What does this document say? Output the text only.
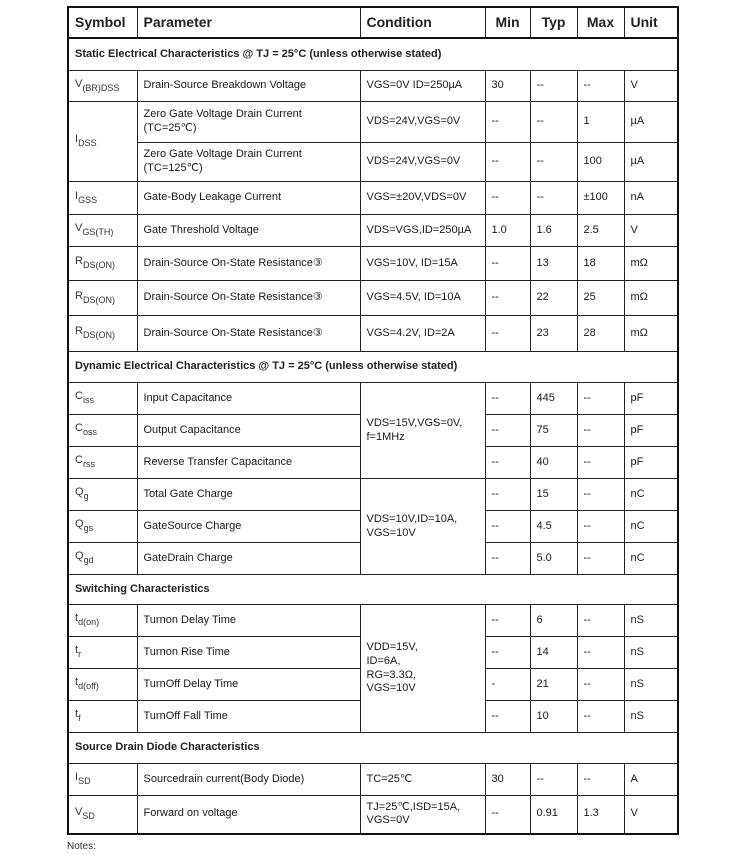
Symbol	Parameter	Condition	Min	Typ	Max	Unit
Static Electrical Characteristics @ TJ = 25°C (unless otherwise stated)						
$V_{(BR)DSS}$	Drain-Source Breakdown Voltage	VGS=0V ID=250µA	30	--	--	V
$I_{DSS}$	Zero Gate Voltage Drain Current
(TC=25℃)	VDS=24V,VGS=0V	--	--	1	µA

	Zero Gate Voltage Drain Current
(TC=125℃)	VDS=24V,VGS=0V	--	--	100	µA
$I_{GSS}$	Gate-Body Leakage Current	VGS=±20V,VDS=0V	--	--	±100	nA
$V_{GS(TH)}$	Gate Threshold Voltage	VDS=VGS,ID=250µA	1.0	1.6	2.5	V
$R_{DS(ON)}$	Drain-Source On-State Resistance③	VGS=10V, ID=15A	--	13	18	mΩ
$R_{DS(ON)}$	Drain-Source On-State Resistance③	VGS=4.5V, ID=10A	--	22	25	mΩ
$R_{DS(ON)}$	Drain-Source On-State Resistance③	VGS=4.2V, ID=2A	--	23	28	mΩ
Dynamic Electrical Characteristics @ TJ = 25°C (unless otherwise stated)						
$C_{iss}$	Input Capacitance	VDS=15V,VGS=0V,
f=1MHz	--	445	--	pF
$C_{oss}$	Output Capacitance		--	75	--	pF
$C_{rss}$	Reverse Transfer Capacitance		--	40	--	pF
$Q_g$	Total Gate Charge	VDS=10V,ID=10A,
VGS=10V	--	15	--	nC
$Q_{gs}$	GateSource Charge		--	4.5	--	nC
$Q_{gd}$	GateDrain Charge		--	5.0	--	nC
Switching Characteristics						
$t_{d(on)}$	Turnon Delay Time	VDD=15V,
ID=6A,
RG=3.3Ω,
VGS=10V	--	6	--	nS
$t_r$	Turnon Rise Time		--	14	--	nS
$t_{d(off)}$	TurnOff Delay Time		-	21	--	nS
$t_f$	TurnOff Fall Time		--	10	--	nS
Source Drain Diode Characteristics						
$I_{SD}$	Sourcedrain current(Body Diode)	TC=25℃	30	--	--	A
$V_{SD}$	Forward on voltage	TJ=25℃,ISD=15A,
VGS=0V	--	0.91	1.3	V
Notes:
